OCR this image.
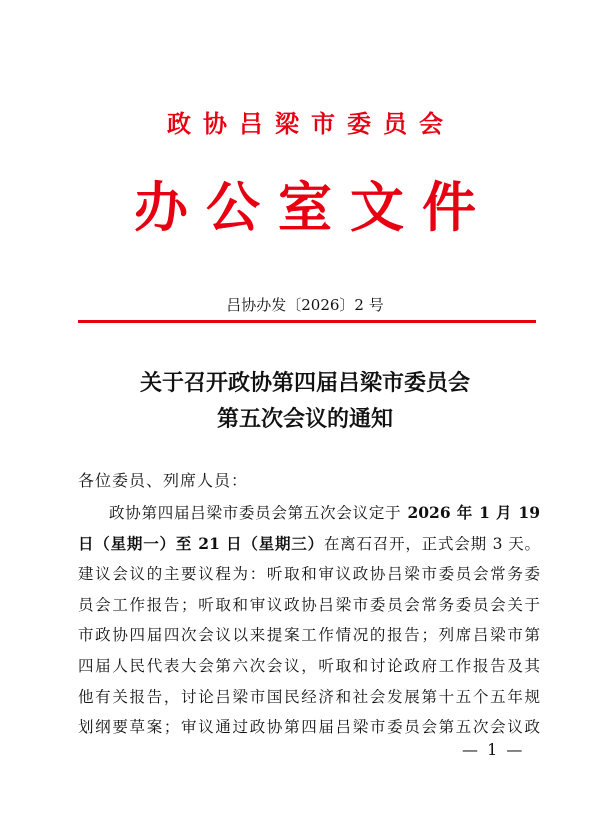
政协吕梁市委员会
办公室文件
吕协办发〔2026〕2 号
关于召开政协第四届吕梁市委员会
第五次会议的通知
各位委员、列席人员：
政协第四届吕梁市委员会第五次会议定于 2026 年 1 月 19
日（星期一）至 21 日（星期三）在离石召开，正式会期 3 天。
建议会议的主要议程为：听取和审议政协吕梁市委员会常务委
员会工作报告；听取和审议政协吕梁市委员会常务委员会关于
市政协四届四次会议以来提案工作情况的报告；列席吕梁市第
四届人民代表大会第六次会议，听取和讨论政府工作报告及其
他有关报告，讨论吕梁市国民经济和社会发展第十五个五年规
划纲要草案；审议通过政协第四届吕梁市委员会第五次会议政
— 1 —
